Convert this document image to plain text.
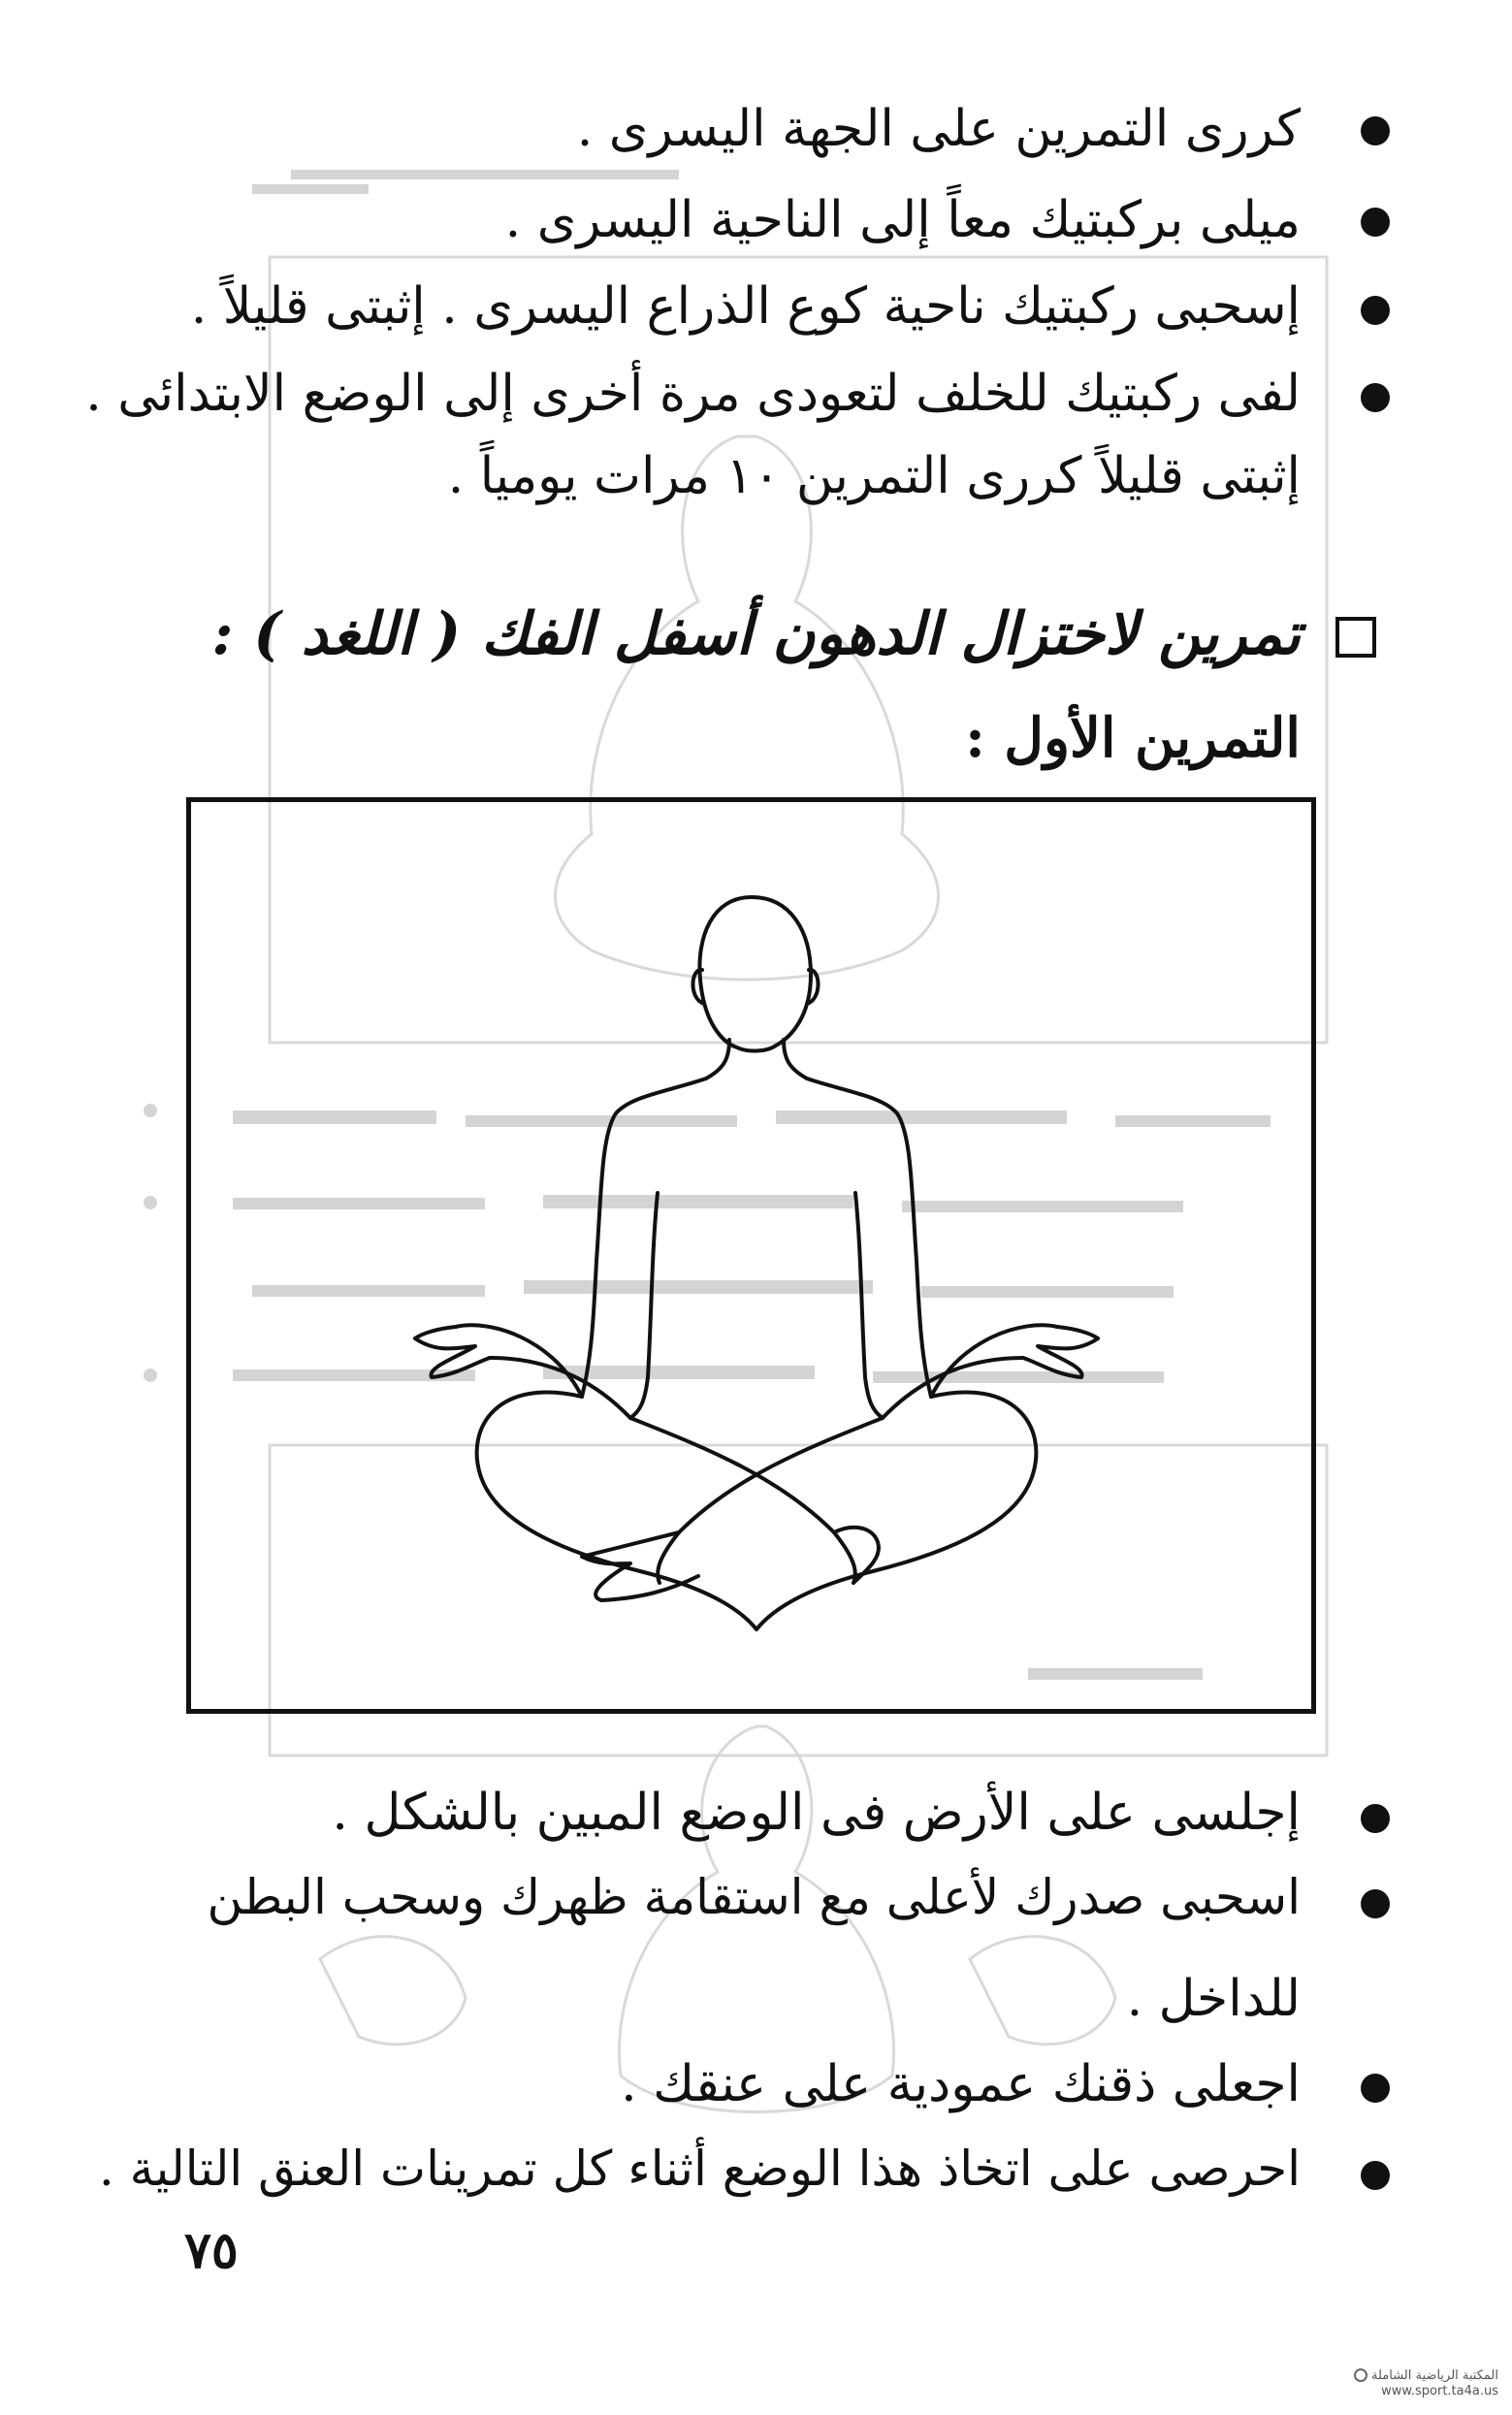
كررى التمرين على الجهة اليسرى .
ميلى بركبتيك معاً إلى الناحية اليسرى .
إسحبى ركبتيك ناحية كوع الذراع اليسرى . إثبتى قليلاً .
لفى ركبتيك للخلف لتعودى مرة أخرى إلى الوضع الابتدائى .
إثبتى قليلاً كررى التمرين ١٠ مرات يومياً .
تمرين لاختزال الدهون أسفل الفك ( اللغد ) :
التمرين الأول :
إجلسى على الأرض فى الوضع المبين بالشكل .
اسحبى صدرك لأعلى مع استقامة ظهرك وسحب البطن
للداخل .
اجعلى ذقنك عمودية على عنقك .
احرصى على اتخاذ هذا الوضع أثناء كل تمرينات العنق التالية .
٧٥
المكتبة الرياضية الشاملة
www.sport.ta4a.us
